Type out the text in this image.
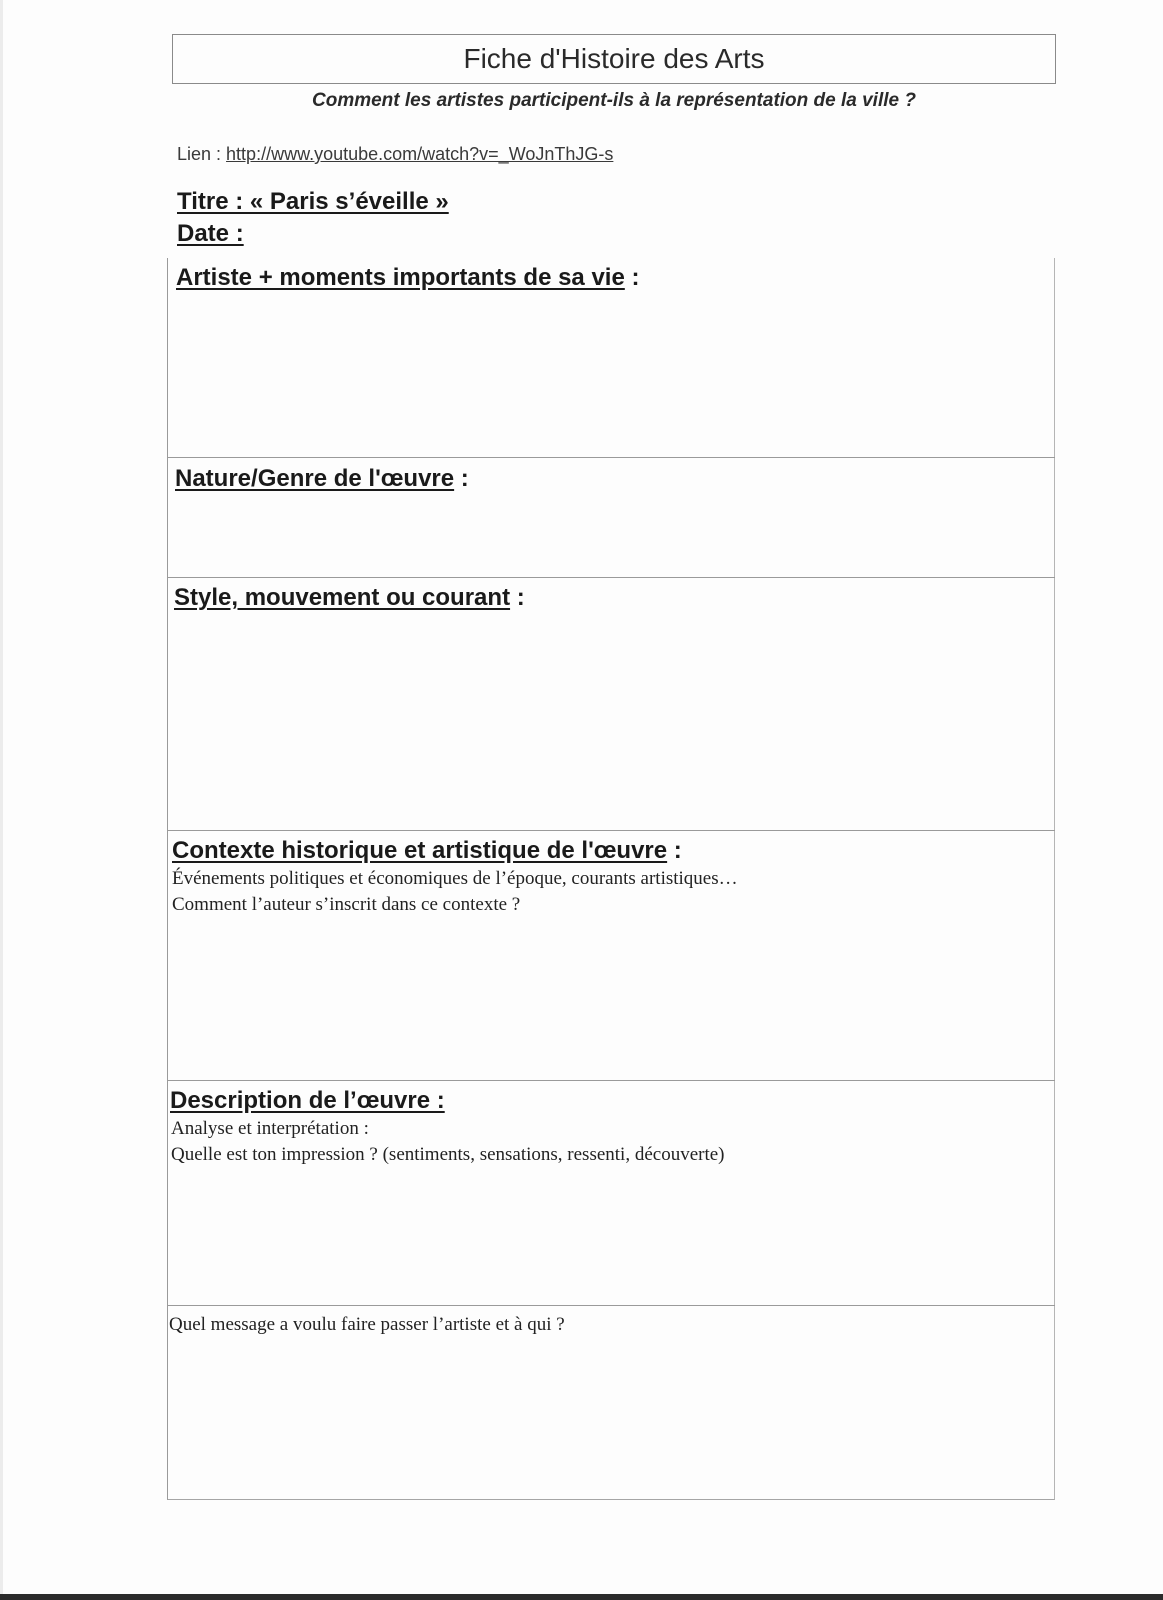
Fiche d'Histoire des Arts
Comment les artistes participent-ils à la représentation de la ville ?
Lien : http://www.youtube.com/watch?v=_WoJnThJG-s
Titre : « Paris s’éveille »
Date :
Artiste + moments importants de sa vie :
Nature/Genre de l'œuvre :
Style, mouvement ou courant :
Contexte historique et artistique de l'œuvre :
Événements politiques et économiques de l’époque, courants artistiques…
Comment l’auteur s’inscrit dans ce contexte ?
Description de l’œuvre :
Analyse et interprétation :
Quelle est ton impression ? (sentiments, sensations, ressenti, découverte)
Quel message a voulu faire passer l’artiste et à qui ?
